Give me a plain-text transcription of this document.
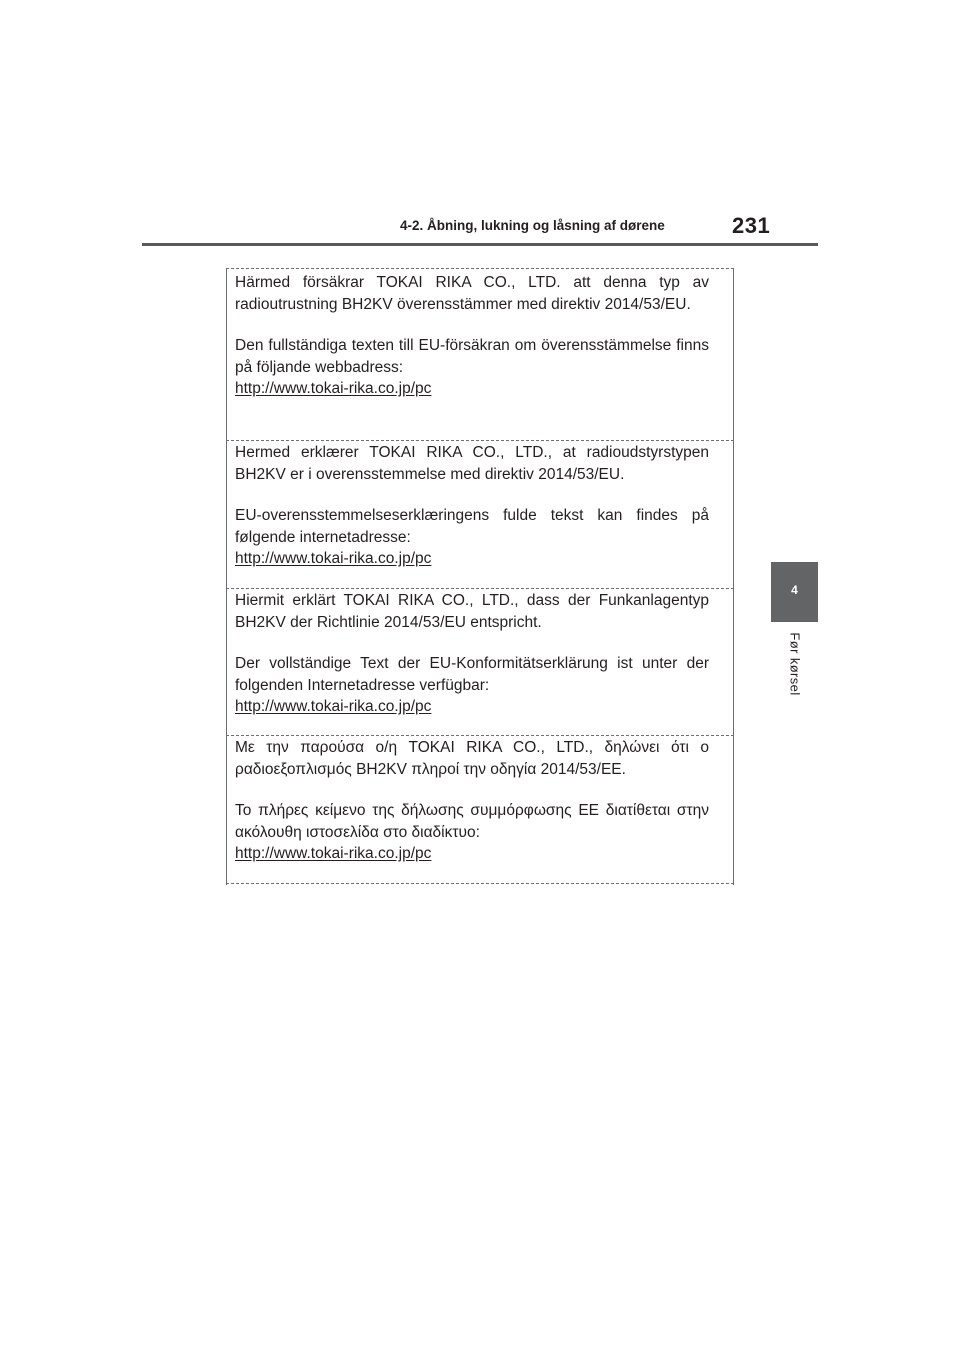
4-2. Åbning, lukning og låsning af dørene	231
4
Før kørsel

Härmed försäkrar TOKAI RIKA CO., LTD. att denna typ av radioutrustning BH2KV överensstämmer med direktiv 2014/53/EU.

Den fullständiga texten till EU-försäkran om överensstämmelse finns på följande webbadress:

http://www.tokai-rika.co.jp/pc

Hermed erklærer TOKAI RIKA CO., LTD., at radioudstyrstypen BH2KV er i overensstemmelse med direktiv 2014/53/EU.

EU-overensstemmelseserklæringens fulde tekst kan findes på følgende internetadresse:

http://www.tokai-rika.co.jp/pc

Hiermit erklärt TOKAI RIKA CO., LTD., dass der Funkanlagentyp BH2KV der Richtlinie 2014/53/EU entspricht.

Der vollständige Text der EU-Konformitätserklärung ist unter der folgenden Internetadresse verfügbar:

http://www.tokai-rika.co.jp/pc

Με την παρούσα ο/η TOKAI RIKA CO., LTD., δηλώνει ότι ο ραδιοεξοπλισμός BH2KV πληροί την οδηγία 2014/53/ΕΕ.

Το πλήρες κείμενο της δήλωσης συμμόρφωσης ΕΕ διατίθεται στην ακόλουθη ιστοσελίδα στο διαδίκτυο:

http://www.tokai-rika.co.jp/pc
